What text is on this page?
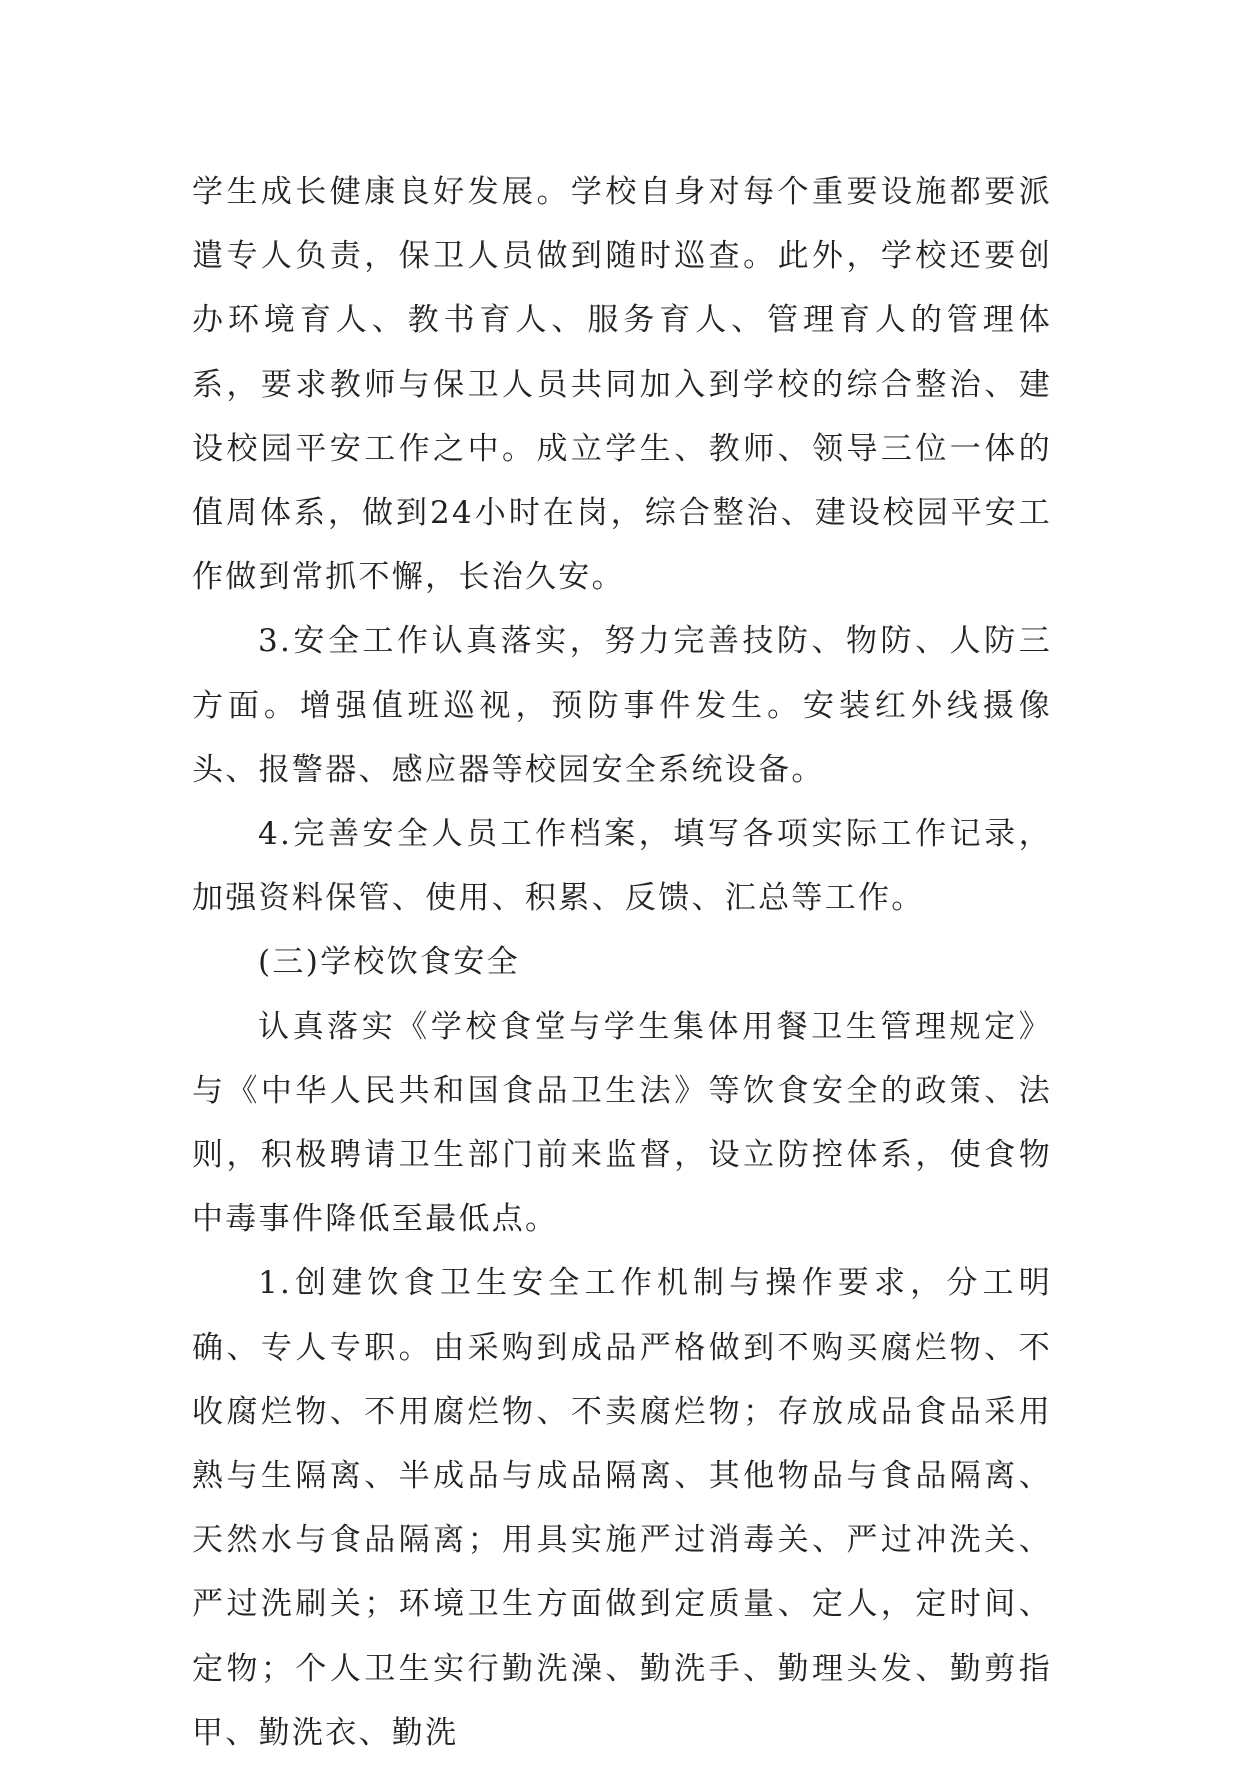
学生成长健康良好发展。学校自身对每个重要设施都要派遣专人负责，保卫人员做到随时巡查。此外，学校还要创办环境育人、教书育人、服务育人、管理育人的管理体系，要求教师与保卫人员共同加入到学校的综合整治、建设校园平安工作之中。成立学生、教师、领导三位一体的值周体系，做到24小时在岗，综合整治、建设校园平安工作做到常抓不懈，长治久安。

3.安全工作认真落实，努力完善技防、物防、人防三方面。增强值班巡视，预防事件发生。安装红外线摄像头、报警器、感应器等校园安全系统设备。

4.完善安全人员工作档案，填写各项实际工作记录，加强资料保管、使用、积累、反馈、汇总等工作。

(三)学校饮食安全

认真落实《学校食堂与学生集体用餐卫生管理规定》与《中华人民共和国食品卫生法》等饮食安全的政策、法则，积极聘请卫生部门前来监督，设立防控体系，使食物中毒事件降低至最低点。

1.创建饮食卫生安全工作机制与操作要求，分工明确、专人专职。由采购到成品严格做到不购买腐烂物、不收腐烂物、不用腐烂物、不卖腐烂物；存放成品食品采用熟与生隔离、半成品与成品隔离、其他物品与食品隔离、天然水与食品隔离；用具实施严过消毒关、严过冲洗关、严过洗刷关；环境卫生方面做到定质量、定人，定时间、定物；个人卫生实行勤洗澡、勤洗手、勤理头发、勤剪指甲、勤洗衣、勤洗
